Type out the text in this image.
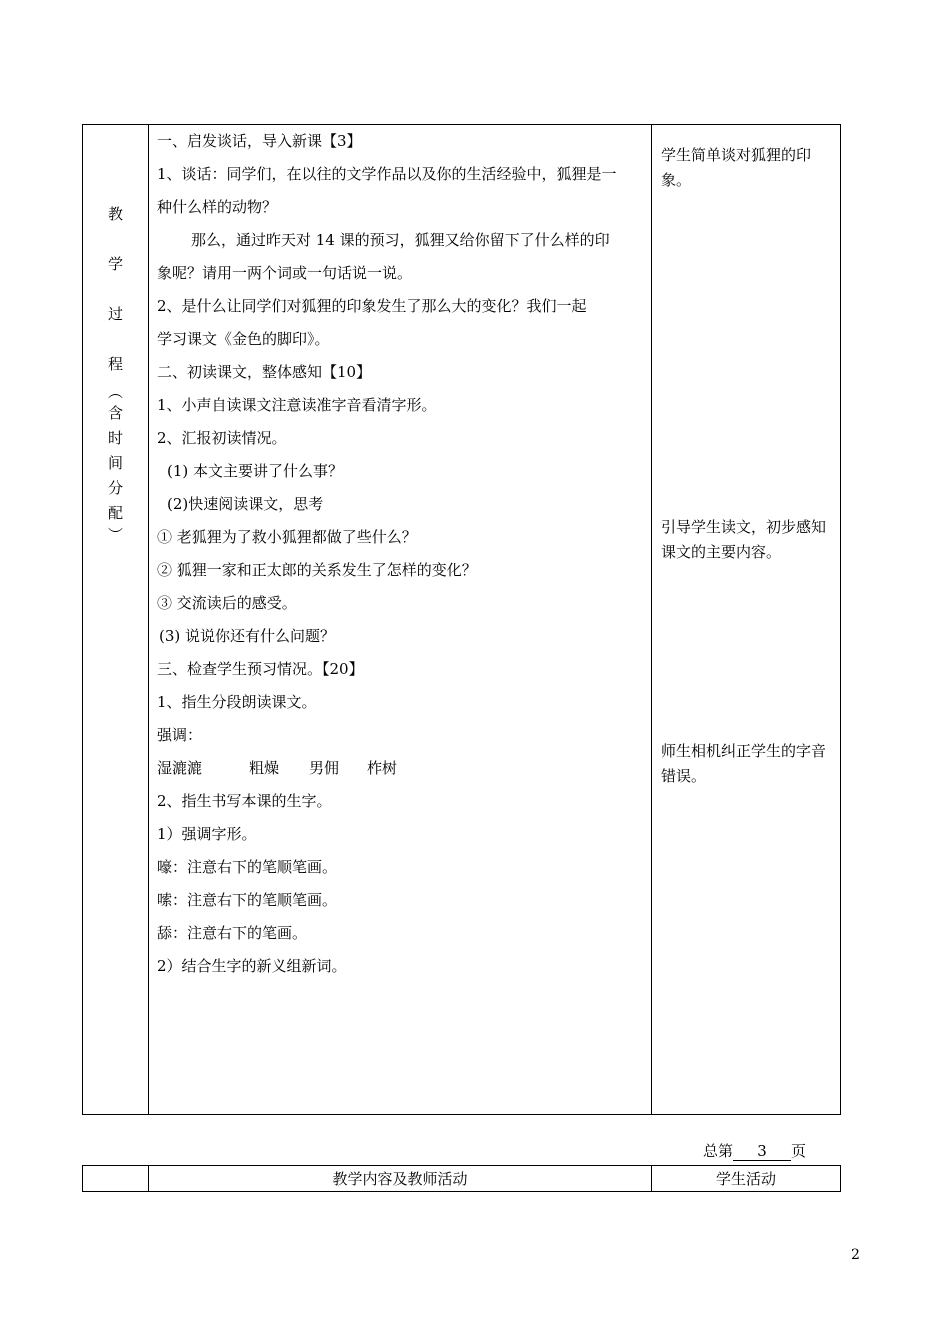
教
学
过
程
︵
含
时
间
分
配
︶
一、启发谈话，导入新课【3】
1、谈话：同学们，在以往的文学作品以及你的生活经验中，狐狸是一
种什么样的动物？
那么，通过昨天对 14 课的预习，狐狸又给你留下了什么样的印
象呢？请用一两个词或一句话说一说。
2、是什么让同学们对狐狸的印象发生了那么大的变化？我们一起
学习课文《金色的脚印》。
二、初读课文，整体感知【10】
1、小声自读课文注意读准字音看清字形。
2、汇报初读情况。
(1) 本文主要讲了什么事？
(2)快速阅读课文，思考
① 老狐狸为了救小狐狸都做了些什么？
② 狐狸一家和正太郎的关系发生了怎样的变化？
③ 交流读后的感受。
(3) 说说你还有什么问题？
三、检查学生预习情况。【20】
1、指生分段朗读课文。
强调：
湿漉漉	粗燥 男佣 柞树
2、指生书写本课的生字。
1）强调字形。
嚎：注意右下的笔顺笔画。
嗦：注意右下的笔顺笔画。
舔：注意右下的笔画。
2）结合生字的新义组新词。
学生简单谈对狐狸的印象。
引导学生读文，初步感知课文的主要内容。
师生相机纠正学生的字音错误。
总第 3 页
教学内容及教师活动	学生活动
2
